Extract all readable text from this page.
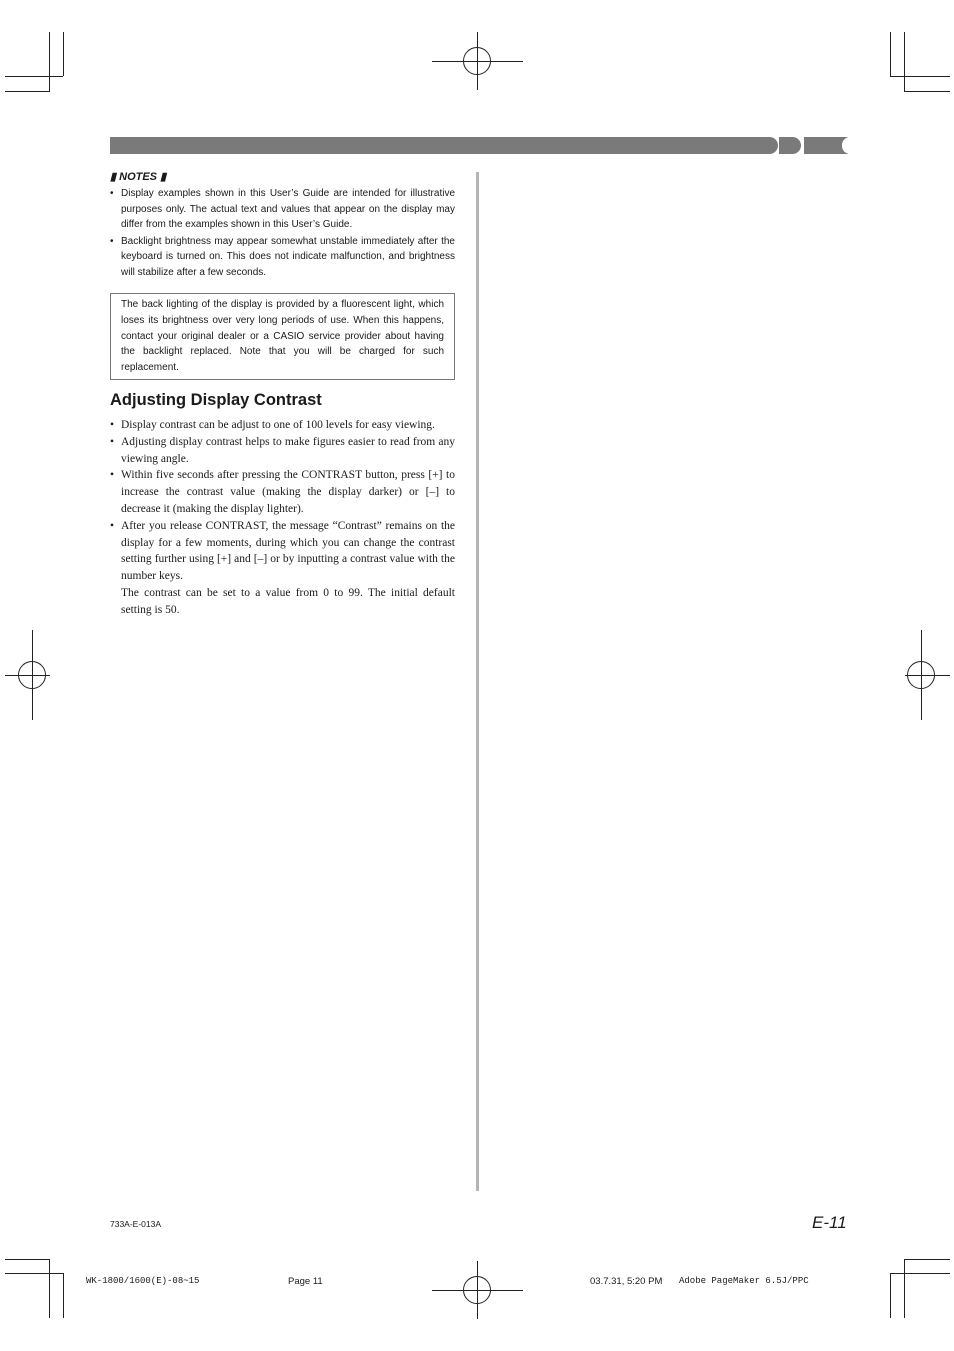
▮ NOTES ▮
• Display examples shown in this User’s Guide are intended for illustrative purposes only. The actual text and values that appear on the display may differ from the examples shown in this User’s Guide.
• Backlight brightness may appear somewhat unstable immediately after the keyboard is turned on. This does not indicate malfunction, and brightness will stabilize after a few seconds.
The back lighting of the display is provided by a fluorescent light, which loses its brightness over very long periods of use. When this happens, contact your original dealer or a CASIO service provider about having the backlight replaced. Note that you will be charged for such replacement.
Adjusting Display Contrast
• Display contrast can be adjust to one of 100 levels for easy viewing.
• Adjusting display contrast helps to make figures easier to read from any viewing angle.
• Within five seconds after pressing the CONTRAST button, press [+] to increase the contrast value (making the display darker) or [–] to decrease it (making the display lighter).
• After you release CONTRAST, the message “Contrast” remains on the display for a few moments, during which you can change the contrast setting further using [+] and [–] or by inputting a contrast value with the number keys.
The contrast can be set to a value from 0 to 99. The initial default setting is 50.
733A-E-013A	E-11
WK-1800/1600(E)-08~15	Page 11	03.7.31, 5:20 PM Adobe PageMaker 6.5J/PPC
